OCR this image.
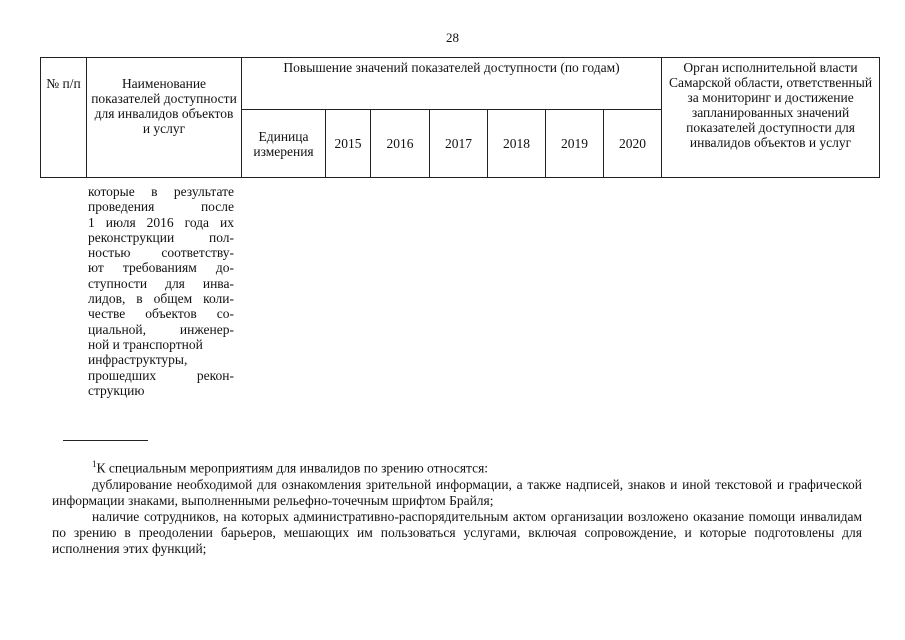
28
№ п/п	Наименование показателей доступности для инвалидов объектов и услуг	Повышение значений показателей доступности (по годам)							Орган исполнительной власти Самарской области, ответственный за мониторинг и достижение запланированных значений показателей доступности для инвалидов объектов и услуг
		Единица измерения	2015	2016	2017	2018	2019	2020	
которые в результате
проведения после
1 июля 2016 года их
реконструкции пол-
ностью соответству-
ют требованиям до-
ступности для инва-
лидов, в общем коли-
честве объектов со-
циальной, инженер-
ной и транспортной
инфраструктуры,
прошедших рекон-
струкцию

$^1$К специальным мероприятиям для инвалидов по зрению относятся:

дублирование необходимой для ознакомления зрительной информации, а также надписей, знаков и иной текстовой и графической информации знаками, выполненными рельефно-точечным шрифтом Брайля;

наличие сотрудников, на которых административно-распорядительным актом организации возложено оказание помощи инвалидам по зрению в преодолении барьеров, мешающих им пользоваться услугами, включая сопровождение, и которые подготовлены для исполнения этих функций;
